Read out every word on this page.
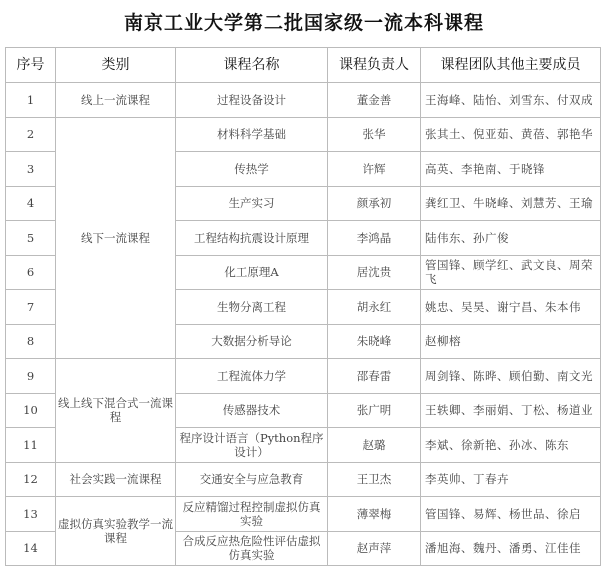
南京工业大学第二批国家级一流本科课程
序号	类别	课程名称	课程负责人	课程团队其他主要成员
1	线上一流课程	过程设备设计	董金善	王海峰、陆怡、刘雪东、付双成
2	线下一流课程	材料科学基础	张华	张其土、倪亚茹、黄蓓、郭艳华
3		传热学	许辉	高英、李艳南、于晓锋
4		生产实习	颜承初	龚红卫、牛晓峰、刘慧芳、王瑜
5		工程结构抗震设计原理	李鸿晶	陆伟东、孙广俊
6		化工原理A	居沈贵	管国锋、顾学红、武文良、周荣飞
7		生物分离工程	胡永红	姚忠、吴昊、谢宁昌、朱本伟
8		大数据分析导论	朱晓峰	赵柳榕
9	线上线下混合式一流课程	工程流体力学	邵春雷	周剑锋、陈晔、顾伯勤、南文光
10		传感器技术	张广明	王轶卿、李丽娟、丁松、杨道业
11		程序设计语言（Python程序设计）	赵璐	李斌、徐新艳、孙冰、陈东
12	社会实践一流课程	交通安全与应急教育	王卫杰	李英帅、丁春卉
13	虚拟仿真实验教学一流课程	反应精馏过程控制虚拟仿真实验	薄翠梅	管国锋、易辉、杨世品、徐启
14		合成反应热危险性评估虚拟仿真实验	赵声萍	潘旭海、魏丹、潘勇、江佳佳
